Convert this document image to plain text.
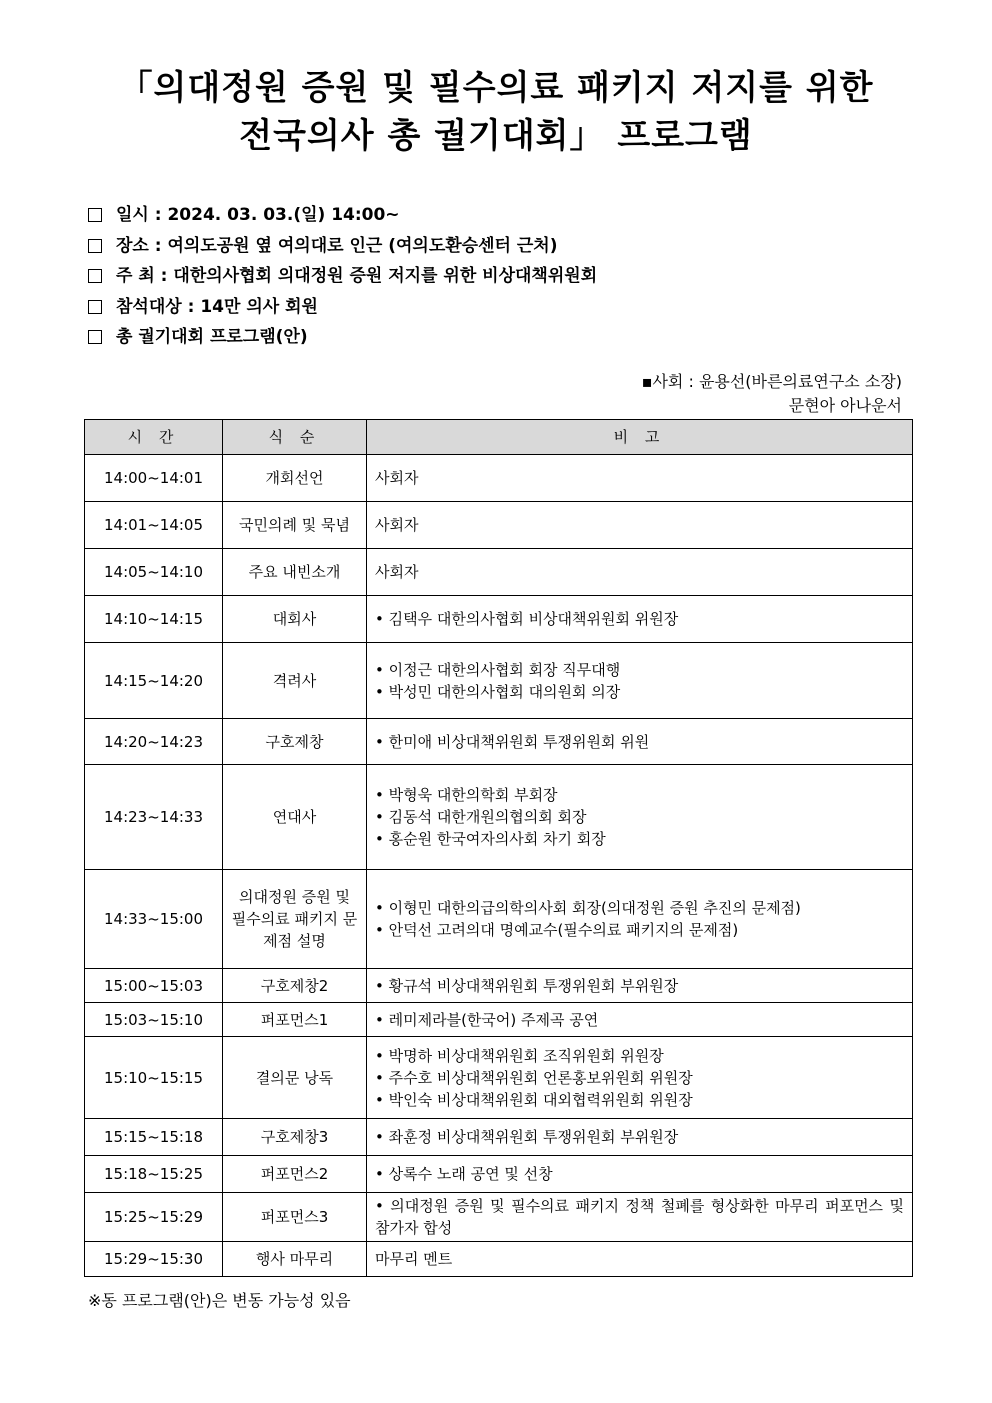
「의대정원 증원 및 필수의료 패키지 저지를 위한
전국의사 총 궐기대회」 프로그램
일시 : 2024. 03. 03.(일) 14:00~
장소 : 여의도공원 옆 여의대로 인근 (여의도환승센터 근처)
주 최 : 대한의사협회 의대정원 증원 저지를 위한 비상대책위원회
참석대상 : 14만 의사 회원
총 궐기대회 프로그램(안)
▪사회 : 윤용선(바른의료연구소 소장)
문현아 아나운서
시 간	식 순	비 고
14:00~14:01	개회선언	사회자

14:01~14:05	국민의례 및 묵념	사회자

14:05~14:10	주요 내빈소개	사회자

14:10~14:15	대회사	• 김택우 대한의사협회 비상대책위원회 위원장

14:15~14:20	격려사	• 이정근 대한의사협회 회장 직무대행
• 박성민 대한의사협회 대의원회 의장

14:20~14:23	구호제창	• 한미애 비상대책위원회 투쟁위원회 위원

14:23~14:33	연대사	• 박형욱 대한의학회 부회장
• 김동석 대한개원의협의회 회장
• 홍순원 한국여자의사회 차기 회장

14:33~15:00	의대정원 증원 및 필수의료 패키지 문제점 설명	• 이형민 대한의급의학의사회 회장(의대정원 증원 추진의 문제점)
• 안덕선 고려의대 명예교수(필수의료 패키지의 문제점)

15:00~15:03	구호제창2	• 황규석 비상대책위원회 투쟁위원회 부위원장

15:03~15:10	퍼포먼스1	• 레미제라블(한국어) 주제곡 공연

15:10~15:15	결의문 낭독	• 박명하 비상대책위원회 조직위원회 위원장
• 주수호 비상대책위원회 언론홍보위원회 위원장
• 박인숙 비상대책위원회 대외협력위원회 위원장

15:15~15:18	구호제창3	• 좌훈정 비상대책위원회 투쟁위원회 부위원장

15:18~15:25	퍼포먼스2	• 상록수 노래 공연 및 선창

15:25~15:29	퍼포먼스3	• 의대정원 증원 및 필수의료 패키지 정책 철폐를 형상화한 마무리 퍼포먼스 및 참가자 합성

15:29~15:30	행사 마무리	마무리 멘트
※동 프로그램(안)은 변동 가능성 있음
